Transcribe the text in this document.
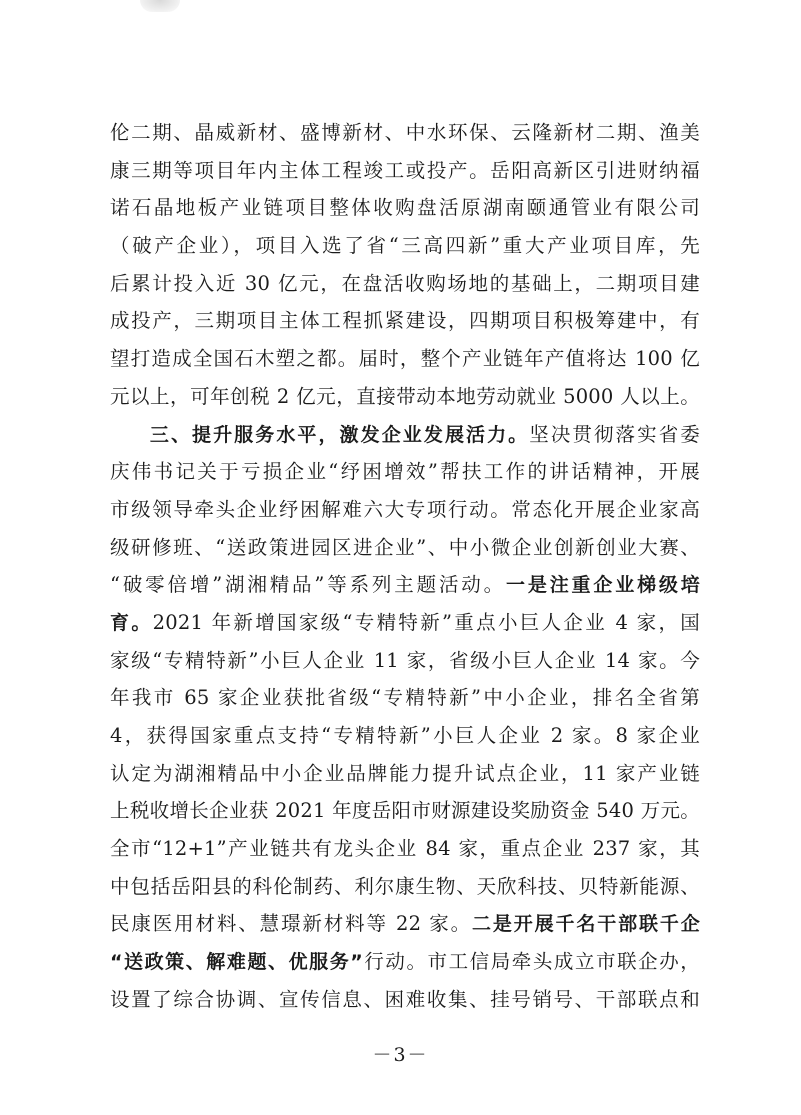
伦二期、晶威新材、盛博新材、中水环保、云隆新材二期、渔美
康三期等项目年内主体工程竣工或投产。岳阳高新区引进财纳福
诺石晶地板产业链项目整体收购盘活原湖南颐通管业有限公司
（破产企业），项目入选了省“三高四新”重大产业项目库，先
后累计投入近 30 亿元，在盘活收购场地的基础上，二期项目建
成投产，三期项目主体工程抓紧建设，四期项目积极筹建中，有
望打造成全国石木塑之都。届时，整个产业链年产值将达 100 亿
元以上，可年创税 2 亿元，直接带动本地劳动就业 5000 人以上。
三、提升服务水平，激发企业发展活力。坚决贯彻落实省委
庆伟书记关于亏损企业“纾困增效”帮扶工作的讲话精神，开展
市级领导牵头企业纾困解难六大专项行动。常态化开展企业家高
级研修班、“送政策进园区进企业”、中小微企业创新创业大赛、
“破零倍增”湖湘精品”等系列主题活动。一是注重企业梯级培
育。2021 年新增国家级“专精特新”重点小巨人企业 4 家，国
家级“专精特新”小巨人企业 11 家，省级小巨人企业 14 家。今
年我市 65 家企业获批省级“专精特新”中小企业，排名全省第
4，获得国家重点支持“专精特新”小巨人企业 2 家。8 家企业
认定为湖湘精品中小企业品牌能力提升试点企业，11 家产业链
上税收增长企业获 2021 年度岳阳市财源建设奖励资金 540 万元。
全市“12+1”产业链共有龙头企业 84 家，重点企业 237 家，其
中包括岳阳县的科伦制药、利尔康生物、天欣科技、贝特新能源、
民康医用材料、慧璟新材料等 22 家。二是开展千名干部联千企
“送政策、解难题、优服务”行动。市工信局牵头成立市联企办，
设置了综合协调、宣传信息、困难收集、挂号销号、干部联点和
－3－
